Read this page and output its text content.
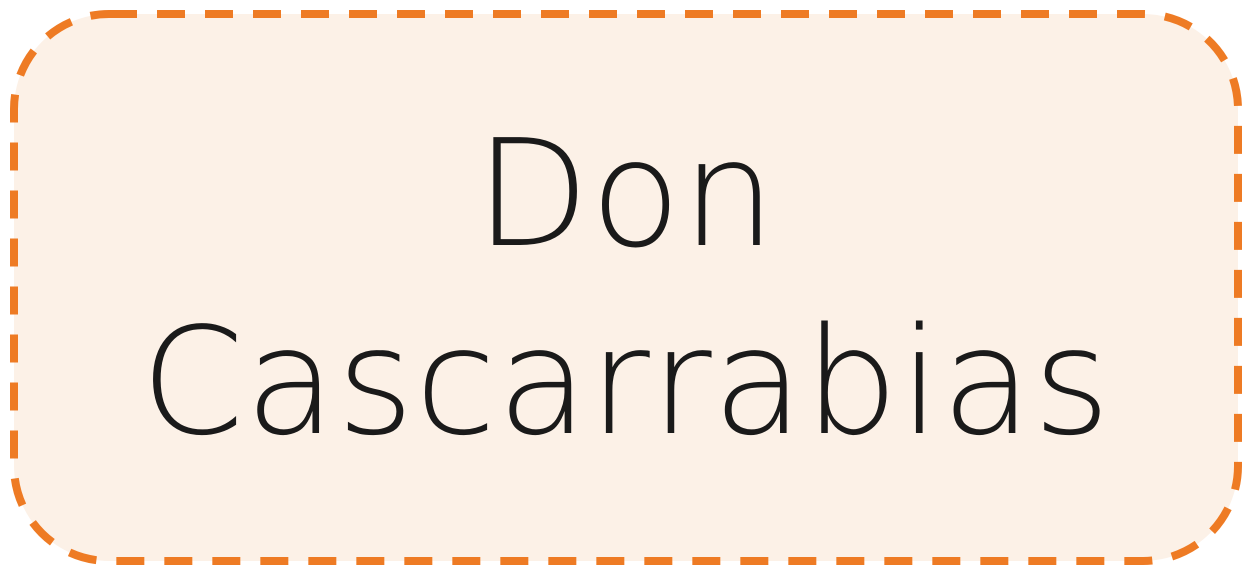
Don
Cascarrabias
